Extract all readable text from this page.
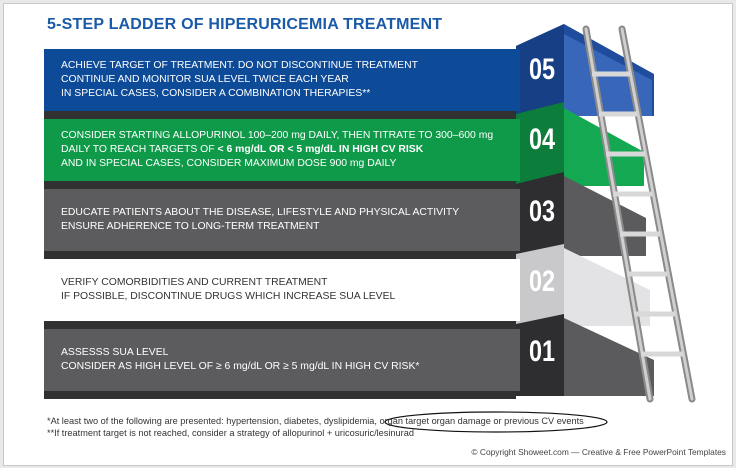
5-STEP LADDER OF HIPERURICEMIA TREATMENT
ACHIEVE TARGET OF TREATMENT. DO NOT DISCONTINUE TREATMENT
CONTINUE AND MONITOR SUA LEVEL TWICE EACH YEAR
IN SPECIAL CASES, CONSIDER A COMBINATION THERAPIES**
05
CONSIDER STARTING ALLOPURINOL 100–200 mg DAILY, THEN TITRATE TO 300–600 mg
DAILY TO REACH TARGETS OF < 6 mg/dL OR < 5 mg/dL IN HIGH CV RISK
AND IN SPECIAL CASES, CONSIDER MAXIMUM DOSE 900 mg DAILY
04
EDUCATE PATIENTS ABOUT THE DISEASE, LIFESTYLE AND PHYSICAL ACTIVITY
ENSURE ADHERENCE TO LONG-TERM TREATMENT	03
VERIFY COMORBIDITIES AND CURRENT TREATMENT
IF POSSIBLE, DISCONTINUE DRUGS WHICH INCREASE SUA LEVEL	02
ASSESSS SUA LEVEL
CONSIDER AS HIGH LEVEL OF ≥ 6 mg/dL OR ≥ 5 mg/dL IN HIGH CV RISK*	01
*At least two of the following are presented: hypertension, diabetes, dyslipidemia, organ target organ damage or previous CV events
**If treatment target is not reached, consider a strategy of allopurinol + uricosuric/lesinurad
© Copyright Showeet.com — Creative & Free PowerPoint Templates
